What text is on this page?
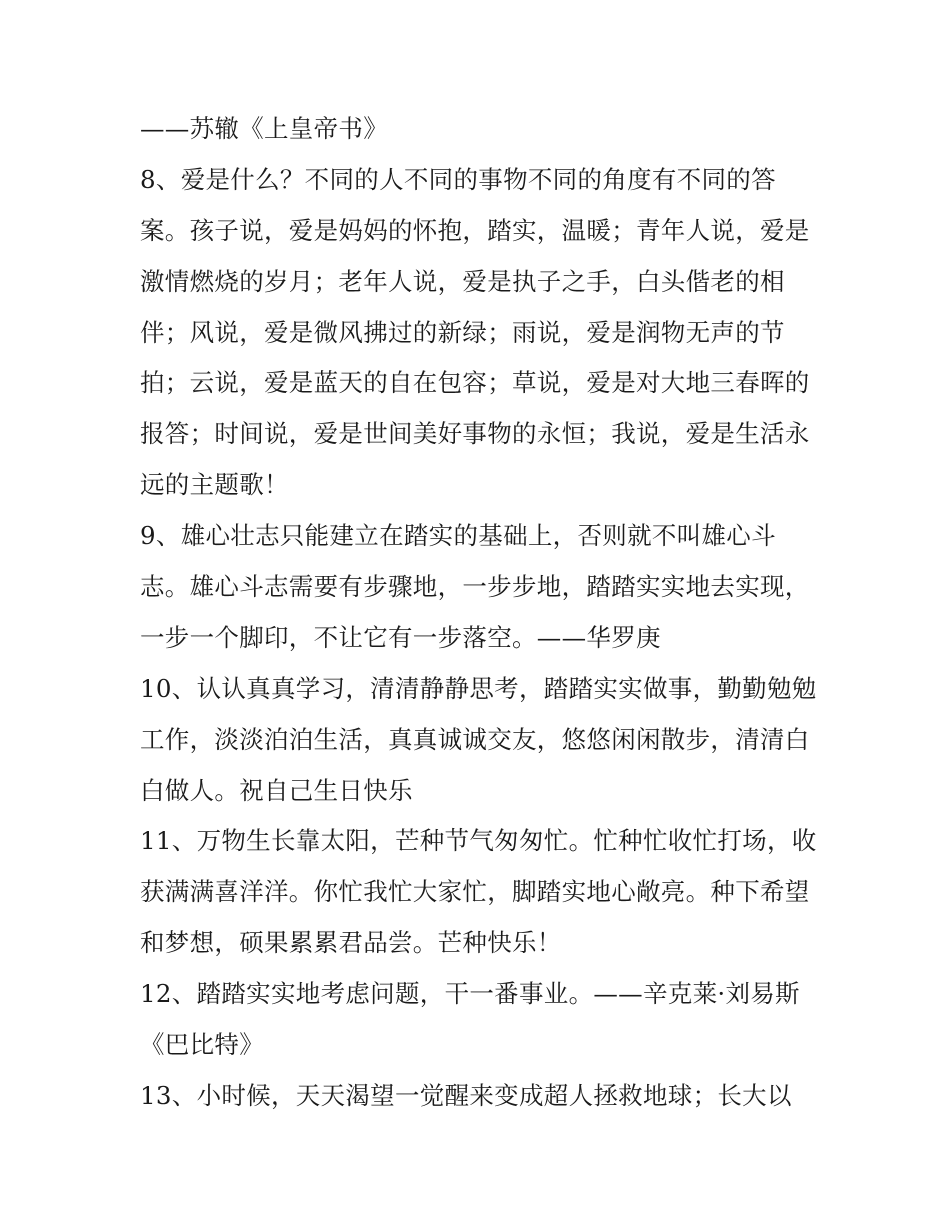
——苏辙《上皇帝书》
8、爱是什么？不同的人不同的事物不同的角度有不同的答
案。孩子说，爱是妈妈的怀抱，踏实，温暖；青年人说，爱是
激情燃烧的岁月；老年人说，爱是执子之手，白头偕老的相
伴；风说，爱是微风拂过的新绿；雨说，爱是润物无声的节
拍；云说，爱是蓝天的自在包容；草说，爱是对大地三春晖的
报答；时间说，爱是世间美好事物的永恒；我说，爱是生活永
远的主题歌！
9、雄心壮志只能建立在踏实的基础上，否则就不叫雄心斗
志。雄心斗志需要有步骤地，一步步地，踏踏实实地去实现，
一步一个脚印，不让它有一步落空。——华罗庚
10、认认真真学习，清清静静思考，踏踏实实做事，勤勤勉勉
工作，淡淡泊泊生活，真真诚诚交友，悠悠闲闲散步，清清白
白做人。祝自己生日快乐
11、万物生长靠太阳，芒种节气匆匆忙。忙种忙收忙打场，收
获满满喜洋洋。你忙我忙大家忙，脚踏实地心敞亮。种下希望
和梦想，硕果累累君品尝。芒种快乐！
12、踏踏实实地考虑问题，干一番事业。——辛克莱·刘易斯
《巴比特》
13、小时候，天天渴望一觉醒来变成超人拯救地球；长大以
